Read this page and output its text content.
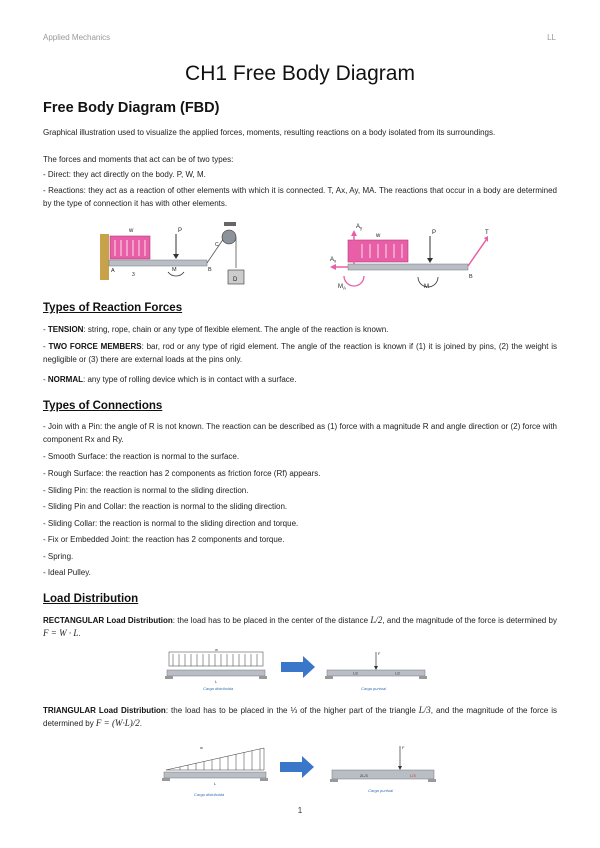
Applied Mechanics	LL
CH1 Free Body Diagram
Free Body Diagram (FBD)
Graphical illustration used to visualize the applied forces, moments, resulting reactions on a body isolated from its surroundings.
The forces and moments that act can be of two types:
- Direct: they act directly on the body. P, W, M.
- Reactions: they act as a reaction of other elements with which it is connected. T, Ax, Ay, MA. The reactions that occur in a body are determined by the type of connection it has with other elements.
w	P
M
A	B
C
D
3
$A_y$
$A_x$
$M_A$
w	P	T
M
B
Types of Reaction Forces
- TENSION: string, rope, chain or any type of flexible element. The angle of the reaction is known.
- TWO FORCE MEMBERS: bar, rod or any type of rigid element. The angle of the reaction is known if (1) it is joined by pins, (2) the weight is negligible or (3) there are external loads at the pins only.
- NORMAL: any type of rolling device which is in contact with a surface.
Types of Connections
- Join with a Pin: the angle of R is not known. The reaction can be described as (1) force with a magnitude R and angle direction or (2) force with component Rx and Ry.
- Smooth Surface: the reaction is normal to the surface.
- Rough Surface: the reaction has 2 components as friction force (Rf) appears.
- Sliding Pin: the reaction is normal to the sliding direction.
- Sliding Pin and Collar: the reaction is normal to the sliding direction.
- Sliding Collar: the reaction is normal to the sliding direction and torque.
- Fix or Embedded Joint: the reaction has 2 components and torque.
- Spring.
- Ideal Pulley.
Load Distribution
RECTANGULAR Load Distribution: the load has to be placed in the center of the distance L/2, and the magnitude of the force is determined by F = W · L.
w
L
Carga distribuida
F
L/2	L/2
Carga puntual
TRIANGULAR Load Distribution: the load has to be placed in the ⅓ of the higher part of the triangle L/3, and the magnitude of the force is determined by F = (W·L)/2.
w
L
Carga distribuida
F
2L/3	L/3
Carga puntual
1
